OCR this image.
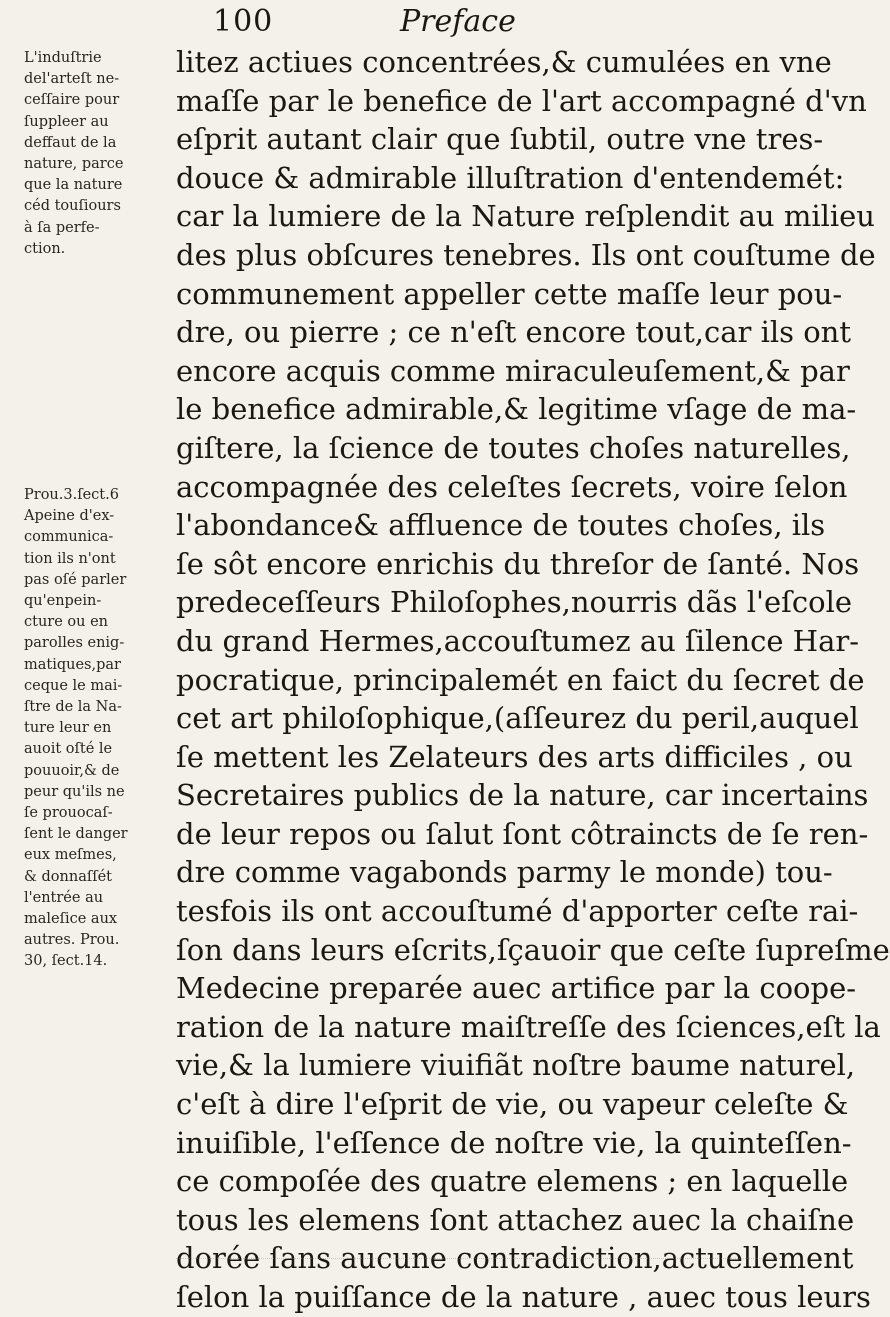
100	Preface
L'induſtrie
del'arteſt ne-
ceſſaire pour
ſuppleer au
deffaut de la
nature, parce
que la nature
céd touſiours
à ſa perfe-
ction.
Prou.3.ſect.6
Apeine d'ex-
communica-
tion ils n'ont
pas oſé parler
qu'enpein-
cture ou en
parolles enig-
matiques,par
ceque le mai-
ſtre de la Na-
ture leur en
auoit oſté le
pouuoir,& de
peur qu'ils ne
ſe prouocaſ-
ſent le danger
eux meſmes,
& donnaſſét
l'entrée au
maleſice aux
autres. Prou.
30, ſect.14.
litez actiues concentrées,& cumulées en vne
maſſe par le benefice de l'art accompagné d'vn
eſprit autant clair que ſubtil, outre vne tres-
douce & admirable illuſtration d'entendemét:
car la lumiere de la Nature reſplendit au milieu
des plus obſcures tenebres. Ils ont couſtume de
communement appeller cette maſſe leur pou-
dre, ou pierre ; ce n'eſt encore tout,car ils ont
encore acquis comme miraculeuſement,& par
le benefice admirable,& legitime vſage de ma-
giſtere, la ſcience de toutes choſes naturelles,
accompagnée des celeſtes ſecrets, voire ſelon
l'abondance& affluence de toutes choſes, ils
ſe sôt encore enrichis du threſor de ſanté. Nos
predeceſſeurs Philoſophes,nourris dãs l'eſcole
du grand Hermes,accouſtumez au ſilence Har-
pocratique, principalemét en faict du ſecret de
cet art philoſophique,(aſſeurez du peril,auquel
ſe mettent les Zelateurs des arts difficiles , ou
Secretaires publics de la nature, car incertains
de leur repos ou ſalut ſont côtraincts de ſe ren-
dre comme vagabonds parmy le monde) tou-
tesfois ils ont accouſtumé d'apporter ceſte rai-
ſon dans leurs eſcrits,ſçauoir que ceſte ſupreſme
Medecine preparée auec artifice par la coope-
ration de la nature maiſtreſſe des ſciences,eſt la
vie,& la lumiere viuifiãt noſtre baume naturel,
c'eſt à dire l'eſprit de vie, ou vapeur celeſte &
inuiſible, l'eſſence de noſtre vie, la quinteſſen-
ce compoſée des quatre elemens ; en laquelle
tous les elemens ſont attachez auec la chaiſne
dorée ſans aucune contradiction,actuellement
ſelon la puiſſance de la nature , auec tous leurs
